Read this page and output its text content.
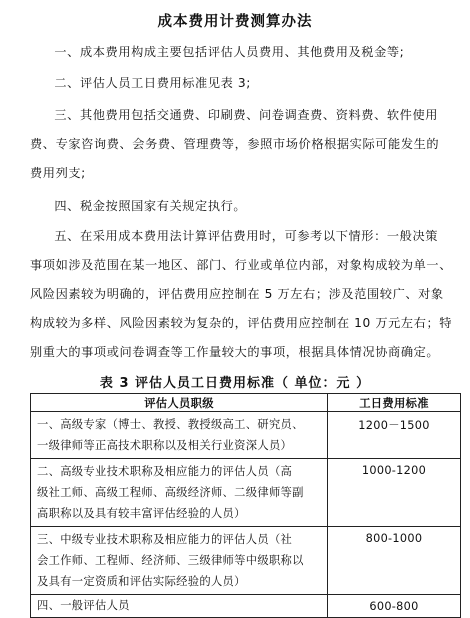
成本费用计费测算办法
一、成本费用构成主要包括评估人员费用、其他费用及税金等;
二、评估人员工日费用标准见表 3;
三、其他费用包括交通费、印刷费、问卷调查费、资料费、软件使用
费、专家咨询费、会务费、管理费等，参照市场价格根据实际可能发生的
费用列支;
四、税金按照国家有关规定执行。
五、在采用成本费用法计算评估费用时，可参考以下情形：一般决策
事项如涉及范围在某一地区、部门、行业或单位内部，对象构成较为单一、
风险因素较为明确的，评估费用应控制在 5 万左右；涉及范围较广、对象
构成较为多样、风险因素较为复杂的，评估费用应控制在 10 万元左右；特
别重大的事项或问卷调查等工作量较大的事项，根据具体情况协商确定。
表 3 评估人员工日费用标准（ 单位：元 ）
评估人员职级	工日费用标准

一、高级专家（博士、教授、教授级高工、研究员、
一级律师等正高技术职称以及相关行业资深人员）	1200－1500

二、高级专业技术职称及相应能力的评估人员（高
级社工师、高级工程师、高级经济师、二级律师等副
高职称以及具有较丰富评估经验的人员）	1000-1200

三、中级专业技术职称及相应能力的评估人员（社
会工作师、工程师、经济师、三级律师等中级职称以
及具有一定资质和评估实际经验的人员）	800-1000

四、一般评估人员	600-800
